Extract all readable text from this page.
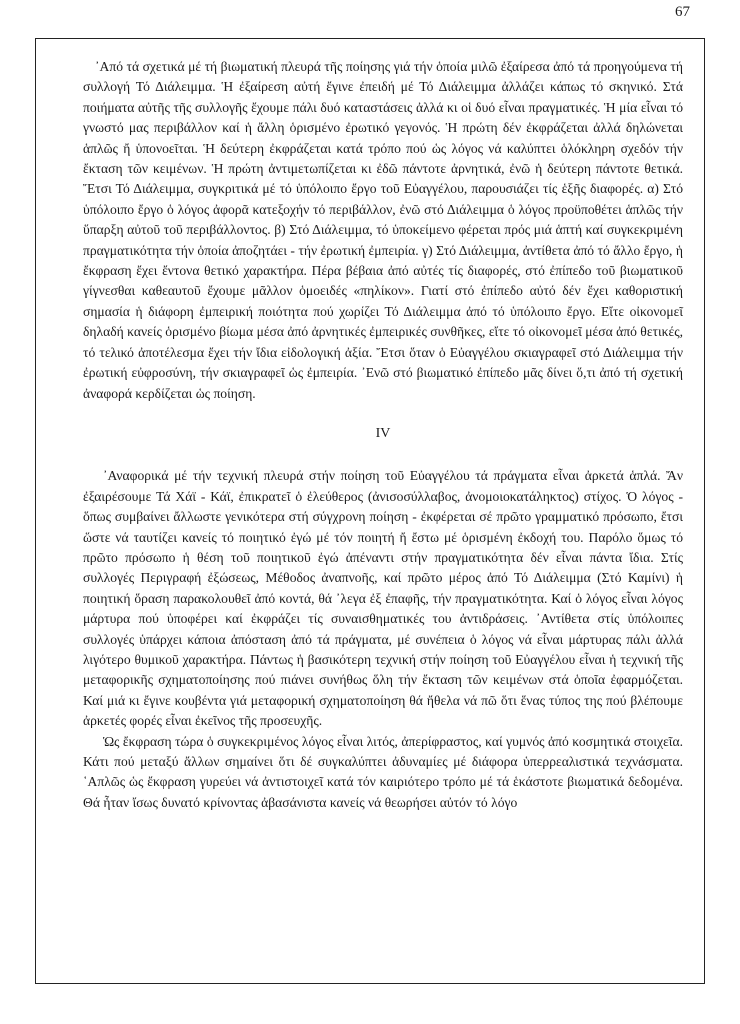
67

᾿Από τά σχετικά μέ τή βιωματική πλευρά τῆς ποίησης γιά τήν ὁποία μιλῶ ἐξαίρεσα ἀπό τά προηγούμενα τή συλλογή Τό Διάλειμμα. Ἡ ἐξαίρεση αὐτή ἔγινε ἐπειδή μέ Τό Διάλειμμα ἀλλάζει κάπως τό σκηνικό. Στά ποιήματα αὐτῆς τῆς συλλογῆς ἔχουμε πάλι δυό καταστάσεις ἀλλά κι οἱ δυό εἶναι πραγματικές. Ἡ μία εἶναι τό γνωστό μας περιβάλλον καί ἡ ἄλλη ὁρισμένο ἐρωτικό γεγονός. Ἡ πρώτη δέν ἐκφράζεται ἀλλά δηλώνεται ἁπλῶς ἤ ὑπονοεῖται. Ἡ δεύτερη ἐκφράζεται κατά τρόπο πού ὡς λόγος νά καλύπτει ὁλόκληρη σχεδόν τήν ἔκταση τῶν κειμένων. Ἡ πρώτη ἀντιμετωπίζεται κι ἐδῶ πάντοτε ἀρνητικά, ἐνῶ ἡ δεύτερη πάντοτε θετικά. Ἔτσι Τό Διάλειμμα, συγκριτικά μέ τό ὑπόλοιπο ἔργο τοῦ Εὐαγγέλου, παρουσιάζει τίς ἑξῆς διαφορές. α) Στό ὑπόλοιπο ἔργο ὁ λόγος ἀφορᾶ κατεξοχήν τό περιβάλλον, ἐνῶ στό Διάλειμμα ὁ λόγος προϋποθέτει ἁπλῶς τήν ὕπαρξη αὐτοῦ τοῦ περιβάλλοντος. β) Στό Διάλειμμα, τό ὑποκείμενο φέρεται πρός μιά ἁπτή καί συγκεκριμένη πραγματικότητα τήν ὁποία ἀποζητάει - τήν ἐρωτική ἐμπειρία. γ) Στό Διάλειμμα, ἀντίθετα ἀπό τό ἄλλο ἔργο, ἡ ἔκφραση ἔχει ἔντονα θετικό χαρακτήρα. Πέρα βέβαια ἀπό αὐτές τίς διαφορές, στό ἐπίπεδο τοῦ βιωματικοῦ γίγνεσθαι καθεαυτοῦ ἔχουμε μᾶλλον ὁμοειδές «πηλίκον». Γιατί στό ἐπίπεδο αὐτό δέν ἔχει καθοριστική σημασία ἡ διάφορη ἐμπειρική ποιότητα πού χωρίζει Τό Διάλειμμα ἀπό τό ὑπόλοιπο ἔργο. Εἴτε οἰκονομεῖ δηλαδή κανείς ὁρισμένο βίωμα μέσα ἀπό ἀρνητικές ἐμπειρικές συνθῆκες, εἴτε τό οἰκονομεῖ μέσα ἀπό θετικές, τό τελικό ἀποτέλεσμα ἔχει τήν ἴδια εἰδολογική ἀξία. Ἔτσι ὅταν ὁ Εὐαγγέλου σκιαγραφεῖ στό Διάλειμμα τήν ἐρωτική εὐφροσύνη, τήν σκιαγραφεῖ ὡς ἐμπειρία. ᾿Ενῶ στό βιωματικό ἐπίπεδο μᾶς δίνει ὅ,τι ἀπό τή σχετική ἀναφορά κερδίζεται ὡς ποίηση.

IV

᾿Αναφορικά μέ τήν τεχνική πλευρά στήν ποίηση τοῦ Εὐαγγέλου τά πράγματα εἶναι ἀρκετά ἁπλά. Ἄν ἐξαιρέσουμε Τά Χάϊ - Κάϊ, ἐπικρατεῖ ὁ ἐλεύθερος (ἀνισοσύλλαβος, ἀνομοιοκατάληκτος) στίχος. Ὁ λόγος - ὅπως συμβαίνει ἄλλωστε γενικότερα στή σύγχρονη ποίηση - ἐκφέρεται σέ πρῶτο γραμματικό πρόσωπο, ἔτσι ὥστε νά ταυτίζει κανείς τό ποιητικό ἐγώ μέ τόν ποιητή ἤ ἔστω μέ ὁρισμένη ἐκδοχή του. Παρόλο ὅμως τό πρῶτο πρόσωπο ἡ θέση τοῦ ποιητικοῦ ἐγώ ἀπέναντι στήν πραγματικότητα δέν εἶναι πάντα ἴδια. Στίς συλλογές Περιγραφή ἐξώσεως, Μέθοδος ἀναπνοῆς, καί πρῶτο μέρος ἀπό Τό Διάλειμμα (Στό Καμίνι) ἡ ποιητική ὅραση παρακολουθεῖ ἀπό κοντά, θά ᾿λεγα ἐξ ἐπαφῆς, τήν πραγματικότητα. Καί ὁ λόγος εἶναι λόγος μάρτυρα πού ὑποφέρει καί ἐκφράζει τίς συναισθηματικές του ἀντιδράσεις. ᾿Αντίθετα στίς ὑπόλοιπες συλλογές ὑπάρχει κάποια ἀπόσταση ἀπό τά πράγματα, μέ συνέπεια ὁ λόγος νά εἶναι μάρτυρας πάλι ἀλλά λιγότερο θυμικοῦ χαρακτήρα. Πάντως ἡ βασικότερη τεχνική στήν ποίηση τοῦ Εὐαγγέλου εἶναι ἡ τεχνική τῆς μεταφορικῆς σχηματοποίησης πού πιάνει συνήθως ὅλη τήν ἔκταση τῶν κειμένων στά ὁποῖα ἐφαρμόζεται. Καί μιά κι ἔγινε κουβέντα γιά μεταφορική σχηματοποίηση θά ἤθελα νά πῶ ὅτι ἕνας τύπος της πού βλέπουμε ἀρκετές φορές εἶναι ἐκεῖνος τῆς προσευχῆς.

Ὡς ἔκφραση τώρα ὁ συγκεκριμένος λόγος εἶναι λιτός, ἀπερίφραστος, καί γυμνός ἀπό κοσμητικά στοιχεῖα. Κάτι πού μεταξύ ἄλλων σημαίνει ὅτι δέ συγκαλύπτει ἀδυναμίες μέ διάφορα ὑπερρεαλιστικά τεχνάσματα. ῾Απλῶς ὡς ἔκφραση γυρεύει νά ἀντιστοιχεῖ κατά τόν καιριότερο τρόπο μέ τά ἑκάστοτε βιωματικά δεδομένα. Θά ἦταν ἴσως δυνατό κρίνοντας ἀβασάνιστα κανείς νά θεωρήσει αὐτόν τό λόγο
